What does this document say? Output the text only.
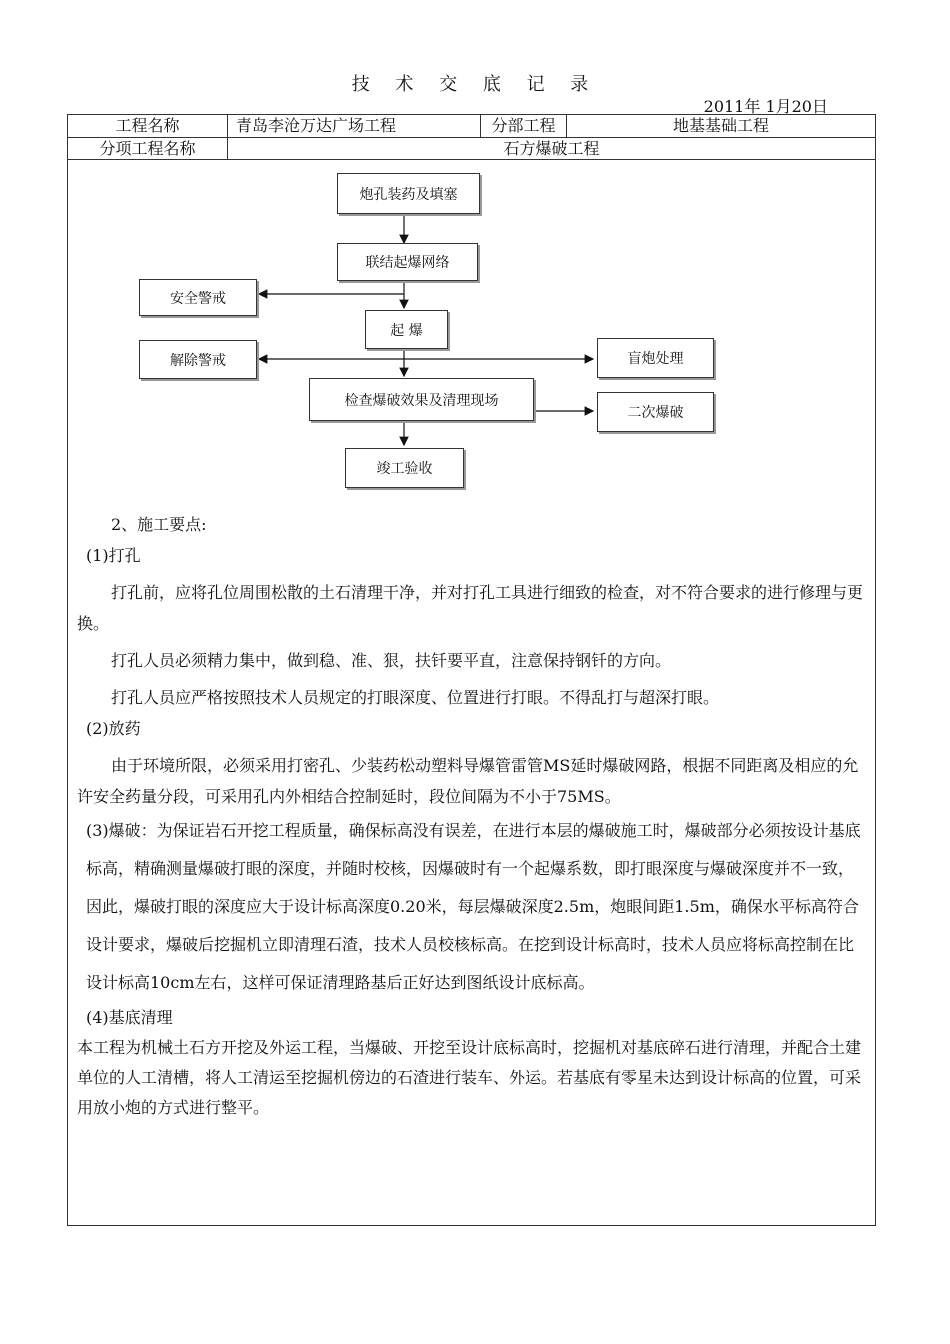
技 术 交 底 记 录
2011年 1月20日
工程名称	青岛李沧万达广场工程	分部工程	地基基础工程
分项工程名称	石方爆破工程
炮孔装药及填塞
联结起爆网络
安全警戒
起 爆
解除警戒	盲炮处理
检查爆破效果及清理现场
二次爆破
竣工验收

2、施工要点:

(1)打孔

打孔前，应将孔位周围松散的土石清理干净，并对打孔工具进行细致的检查，对不符合要求的进行修理与更换。

打孔人员必须精力集中，做到稳、准、狠，扶钎要平直，注意保持钢钎的方向。

打孔人员应严格按照技术人员规定的打眼深度、位置进行打眼。不得乱打与超深打眼。

(2)放药

由于环境所限，必须采用打密孔、少装药松动塑料导爆管雷管MS延时爆破网路，根据不同距离及相应的允许安全药量分段，可采用孔内外相结合控制延时，段位间隔为不小于75MS。

(3)爆破：为保证岩石开挖工程质量，确保标高没有误差，在进行本层的爆破施工时，爆破部分必须按设计基底标高，精确测量爆破打眼的深度，并随时校核，因爆破时有一个起爆系数，即打眼深度与爆破深度并不一致，因此，爆破打眼的深度应大于设计标高深度0.20米，每层爆破深度2.5m，炮眼间距1.5m，确保水平标高符合设计要求，爆破后挖掘机立即清理石渣，技术人员校核标高。在挖到设计标高时，技术人员应将标高控制在比设计标高10cm左右，这样可保证清理路基后正好达到图纸设计底标高。

(4)基底清理

本工程为机械土石方开挖及外运工程，当爆破、开挖至设计底标高时，挖掘机对基底碎石进行清理，并配合土建单位的人工清槽，将人工清运至挖掘机傍边的石渣进行装车、外运。若基底有零星未达到设计标高的位置，可采用放小炮的方式进行整平。
